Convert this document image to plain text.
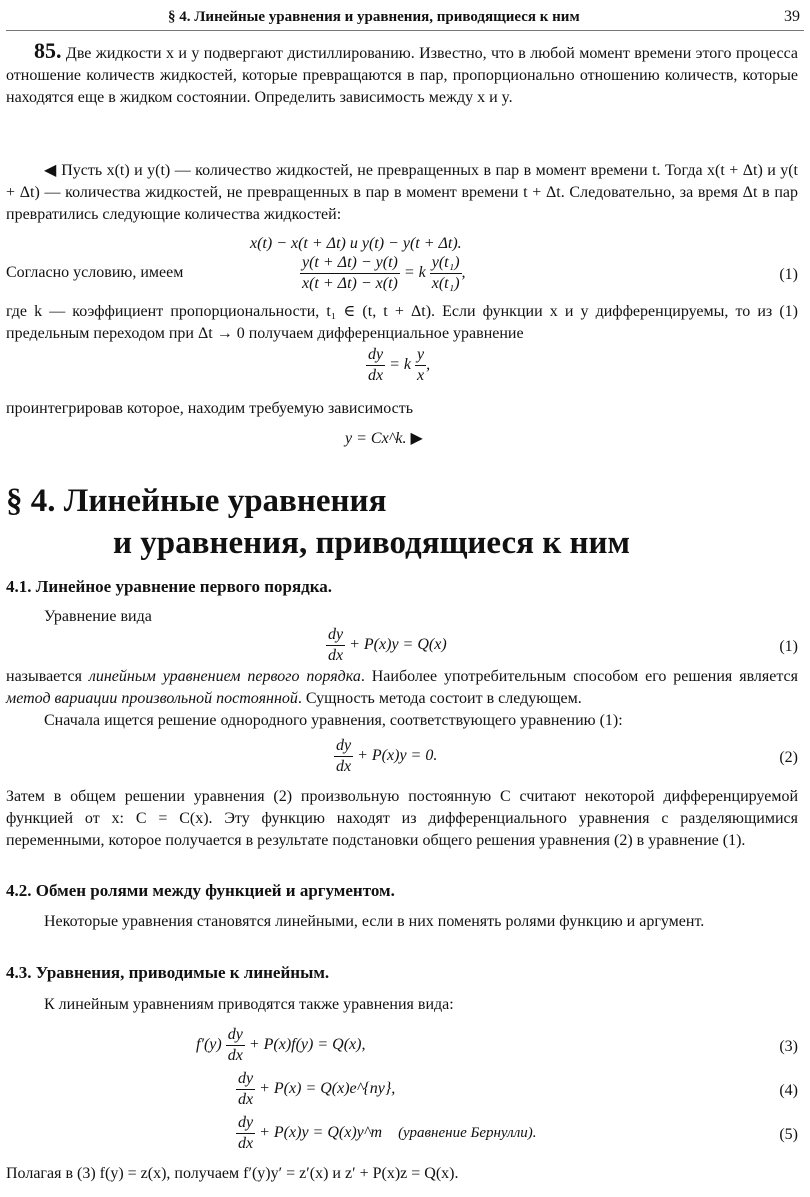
§ 4. Линейные уравнения и уравнения, приводящиеся к ним	39
85. Две жидкости x и y подвергают дистиллированию. Известно, что в любой момент времени этого процесса отношение количеств жидкостей, которые превращаются в пар, пропорционально отношению количеств, которые находятся еще в жидком состоянии. Определить зависимость между x и y.
◀ Пусть x(t) и y(t) — количество жидкостей, не превращенных в пар в момент времени t. Тогда x(t + Δt) и y(t + Δt) — количества жидкостей, не превращенных в пар в момент времени t + Δt. Следовательно, за время Δt в пар превратились следующие количества жидкостей:
x(t) − x(t + Δt) и y(t) − y(t + Δt).
Согласно условию, имеем	$\frac{y(t + \Delta t) - y(t)}{x(t + \Delta t) - x(t)} = k \frac{\text{y(t₁)}}{\text{x(t₁)}}$ ,	(1)
где k — коэффициент пропорциональности, t₁ ∈ (t, t + Δt). Если функции x и y дифференцируемы, то из (1) предельным переходом при Δt → 0 получаем дифференциальное уравнение
$\frac{dy}{dx} = k \frac{y}{x}$ ,
проинтегрировав которое, находим требуемую зависимость
y = Cx^k. ▶
§ 4. Линейные уравнения
и уравнения, приводящиеся к ним
4.1. Линейное уравнение первого порядка.
Уравнение вида
$\frac{dy}{dx} + P(x)y = Q(x)$	(1)
называется линейным уравнением первого порядка. Наиболее употребительным способом его решения является метод вариации произвольной постоянной. Сущность метода состоит в следующем.
Сначала ищется решение однородного уравнения, соответствующего уравнению (1):
$\frac{dy}{dx} + P(x)y = 0$.	(2)
Затем в общем решении уравнения (2) произвольную постоянную C считают некоторой дифференцируемой функцией от x: C = C(x). Эту функцию находят из дифференциального уравнения с разделяющимися переменными, которое получается в результате подстановки общего решения уравнения (2) в уравнение (1).
4.2. Обмен ролями между функцией и аргументом.
Некоторые уравнения становятся линейными, если в них поменять ролями функцию и аргумент.
4.3. Уравнения, приводимые к линейным.
К линейным уравнениям приводятся также уравнения вида:
$f'(y) \frac{dy}{dx} + P(x)f(y) = Q(x)$,	(3)
$\frac{dy}{dx} + P(x)$ = Q(x)e^{ny},	(4)
$\frac{dy}{dx} + P(x)y$ = Q(x)y^m (уравнение Бернулли).	(5)
Полагая в (3) f(y) = z(x), получаем f′(y)y′ = z′(x) и z′ + P(x)z = Q(x).
